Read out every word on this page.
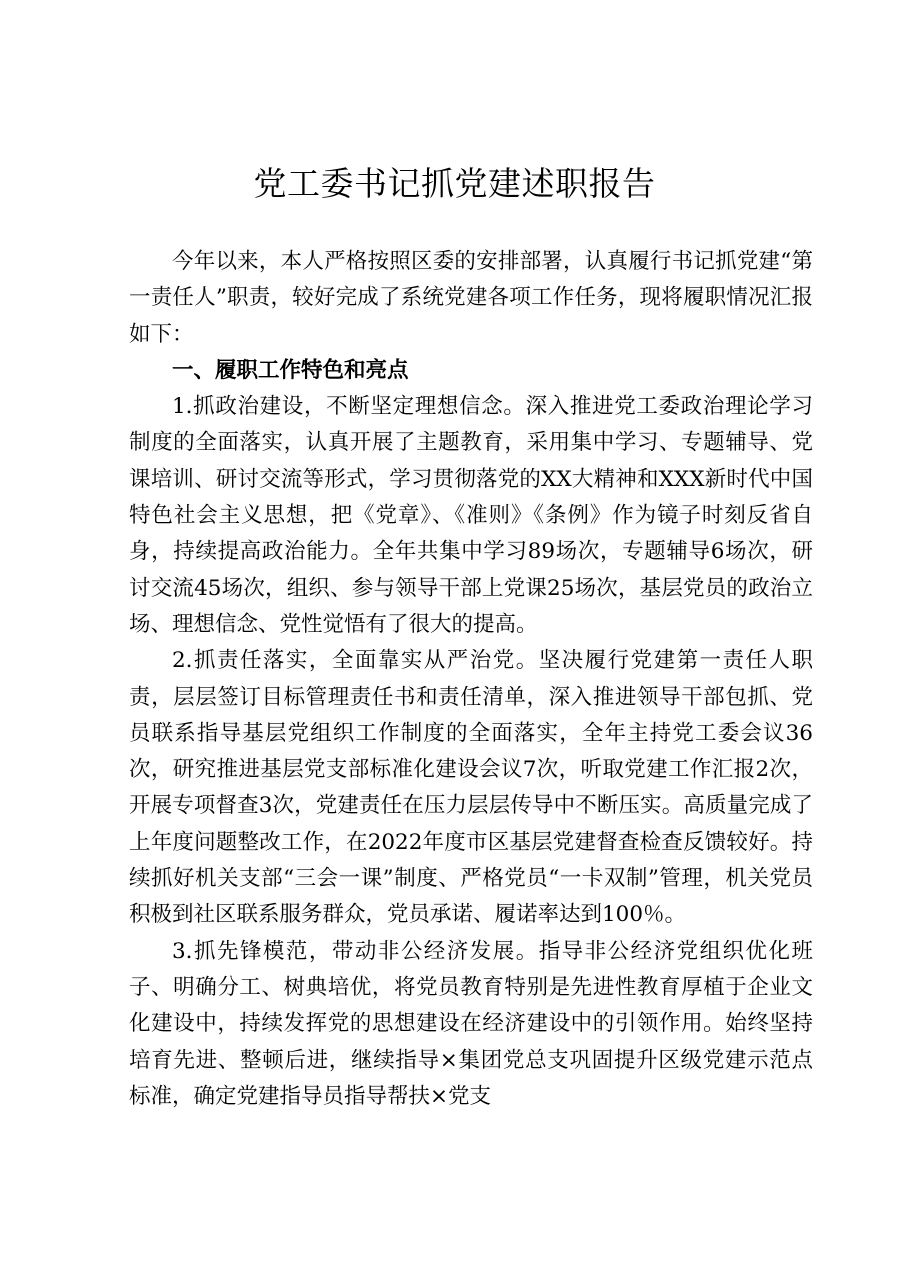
党工委书记抓党建述职报告

今年以来，本人严格按照区委的安排部署，认真履行书记抓党建“第一责任人”职责，较好完成了系统党建各项工作任务，现将履职情况汇报如下：

一、履职工作特色和亮点

1.抓政治建设，不断坚定理想信念。深入推进党工委政治理论学习制度的全面落实，认真开展了主题教育，采用集中学习、专题辅导、党课培训、研讨交流等形式，学习贯彻落党的XX大精神和XXX新时代中国特色社会主义思想，把《党章》、《准则》《条例》作为镜子时刻反省自身，持续提高政治能力。全年共集中学习89场次，专题辅导6场次，研讨交流45场次，组织、参与领导干部上党课25场次，基层党员的政治立场、理想信念、党性觉悟有了很大的提高。

2.抓责任落实，全面靠实从严治党。坚决履行党建第一责任人职责，层层签订目标管理责任书和责任清单，深入推进领导干部包抓、党员联系指导基层党组织工作制度的全面落实，全年主持党工委会议36次，研究推进基层党支部标准化建设会议7次，听取党建工作汇报2次，开展专项督查3次，党建责任在压力层层传导中不断压实。高质量完成了上年度问题整改工作，在2022年度市区基层党建督查检查反馈较好。持续抓好机关支部“三会一课”制度、严格党员“一卡双制”管理，机关党员积极到社区联系服务群众，党员承诺、履诺率达到100％。

3.抓先锋模范，带动非公经济发展。指导非公经济党组织优化班子、明确分工、树典培优，将党员教育特别是先进性教育厚植于企业文化建设中，持续发挥党的思想建设在经济建设中的引领作用。始终坚持培育先进、整顿后进，继续指导×集团党总支巩固提升区级党建示范点标准，确定党建指导员指导帮扶×党支
